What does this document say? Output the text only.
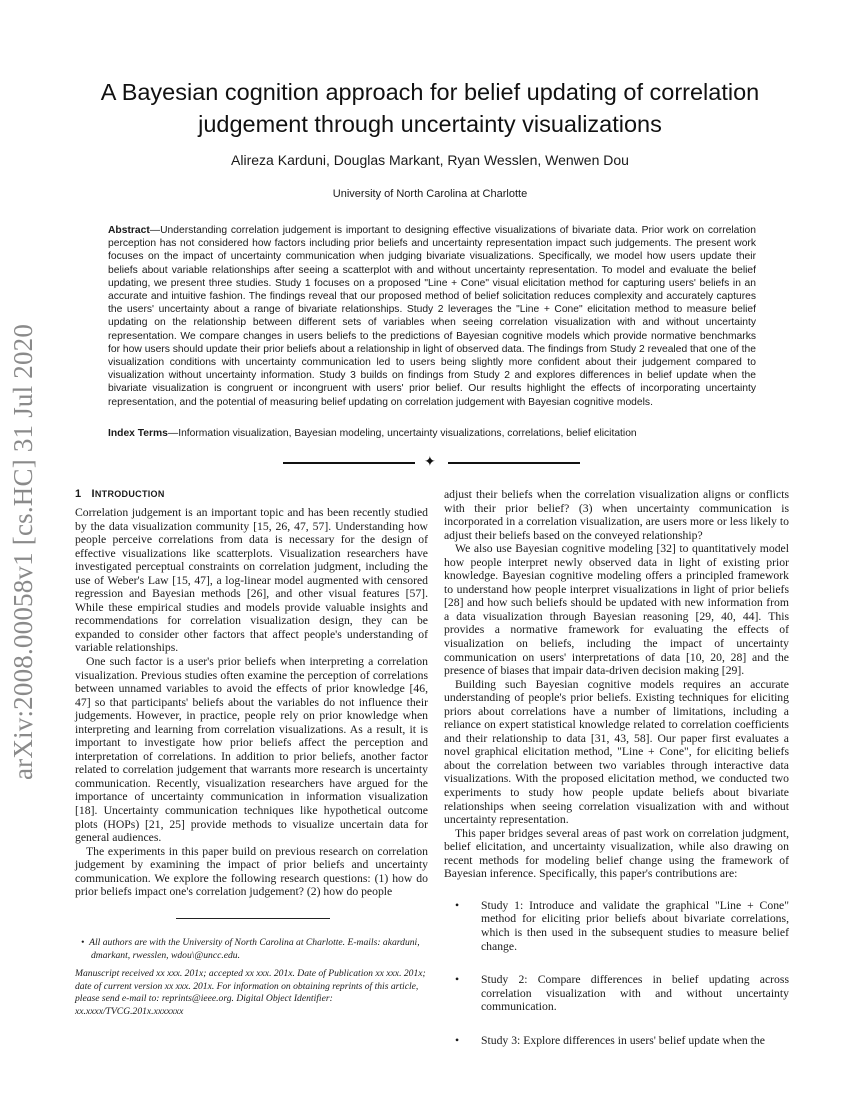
arXiv:2008.00058v1 [cs.HC] 31 Jul 2020
A Bayesian cognition approach for belief updating of correlation
judgement through uncertainty visualizations
Alireza Karduni, Douglas Markant, Ryan Wesslen, Wenwen Dou
University of North Carolina at Charlotte
Abstract—Understanding correlation judgement is important to designing effective visualizations of bivariate data. Prior work on correlation perception has not considered how factors including prior beliefs and uncertainty representation impact such judgements. The present work focuses on the impact of uncertainty communication when judging bivariate visualizations. Specifically, we model how users update their beliefs about variable relationships after seeing a scatterplot with and without uncertainty representation. To model and evaluate the belief updating, we present three studies. Study 1 focuses on a proposed "Line + Cone" visual elicitation method for capturing users' beliefs in an accurate and intuitive fashion. The findings reveal that our proposed method of belief solicitation reduces complexity and accurately captures the users' uncertainty about a range of bivariate relationships. Study 2 leverages the "Line + Cone" elicitation method to measure belief updating on the relationship between different sets of variables when seeing correlation visualization with and without uncertainty representation. We compare changes in users beliefs to the predictions of Bayesian cognitive models which provide normative benchmarks for how users should update their prior beliefs about a relationship in light of observed data. The findings from Study 2 revealed that one of the visualization conditions with uncertainty communication led to users being slightly more confident about their judgement compared to visualization without uncertainty information. Study 3 builds on findings from Study 2 and explores differences in belief update when the bivariate visualization is congruent or incongruent with users' prior belief. Our results highlight the effects of incorporating uncertainty representation, and the potential of measuring belief updating on correlation judgement with Bayesian cognitive models.
Index Terms—Information visualization, Bayesian modeling, uncertainty visualizations, correlations, belief elicitation
✦
1 INTRODUCTION

Correlation judgement is an important topic and has been recently studied by the data visualization community [15, 26, 47, 57]. Understanding how people perceive correlations from data is necessary for the design of effective visualizations like scatterplots. Visualization researchers have investigated perceptual constraints on correlation judgment, including the use of Weber's Law [15, 47], a log-linear model augmented with censored regression and Bayesian methods [26], and other visual features [57]. While these empirical studies and models provide valuable insights and recommendations for correlation visualization design, they can be expanded to consider other factors that affect people's understanding of variable relationships.

One such factor is a user's prior beliefs when interpreting a correlation visualization. Previous studies often examine the perception of correlations between unnamed variables to avoid the effects of prior knowledge [46, 47] so that participants' beliefs about the variables do not influence their judgements. However, in practice, people rely on prior knowledge when interpreting and learning from correlation visualizations. As a result, it is important to investigate how prior beliefs affect the perception and interpretation of correlations. In addition to prior beliefs, another factor related to correlation judgement that warrants more research is uncertainty communication. Recently, visualization researchers have argued for the importance of uncertainty communication in information visualization [18]. Uncertainty communication techniques like hypothetical outcome plots (HOPs) [21, 25] provide methods to visualize uncertain data for general audiences.

The experiments in this paper build on previous research on correlation judgement by examining the impact of prior beliefs and uncertainty communication. We explore the following research questions: (1) how do prior beliefs impact one's correlation judgement? (2) how do people

• All authors are with the University of North Carolina at Charlotte. E-mails: akarduni, dmarkant, rwesslen, wdou\@uncc.edu.
Manuscript received xx xxx. 201x; accepted xx xxx. 201x. Date of Publication xx xxx. 201x; date of current version xx xxx. 201x. For information on obtaining reprints of this article, please send e-mail to: reprints@ieee.org. Digital Object Identifier: xx.xxxx/TVCG.201x.xxxxxxx

adjust their beliefs when the correlation visualization aligns or conflicts with their prior belief? (3) when uncertainty communication is incorporated in a correlation visualization, are users more or less likely to adjust their beliefs based on the conveyed relationship?

We also use Bayesian cognitive modeling [32] to quantitatively model how people interpret newly observed data in light of existing prior knowledge. Bayesian cognitive modeling offers a principled framework to understand how people interpret visualizations in light of prior beliefs [28] and how such beliefs should be updated with new information from a data visualization through Bayesian reasoning [29, 40, 44]. This provides a normative framework for evaluating the effects of visualization on beliefs, including the impact of uncertainty communication on users' interpretations of data [10, 20, 28] and the presence of biases that impair data-driven decision making [29].

Building such Bayesian cognitive models requires an accurate understanding of people's prior beliefs. Existing techniques for eliciting priors about correlations have a number of limitations, including a reliance on expert statistical knowledge related to correlation coefficients and their relationship to data [31, 43, 58]. Our paper first evaluates a novel graphical elicitation method, "Line + Cone", for eliciting beliefs about the correlation between two variables through interactive data visualizations. With the proposed elicitation method, we conducted two experiments to study how people update beliefs about bivariate relationships when seeing correlation visualization with and without uncertainty representation.

This paper bridges several areas of past work on correlation judgment, belief elicitation, and uncertainty visualization, while also drawing on recent methods for modeling belief change using the framework of Bayesian inference. Specifically, this paper's contributions are:

• Study 1: Introduce and validate the graphical "Line + Cone" method for eliciting prior beliefs about bivariate correlations, which is then used in the subsequent studies to measure belief change.
• Study 2: Compare differences in belief updating across correlation visualization with and without uncertainty communication.
• Study 3: Explore differences in users' belief update when the
